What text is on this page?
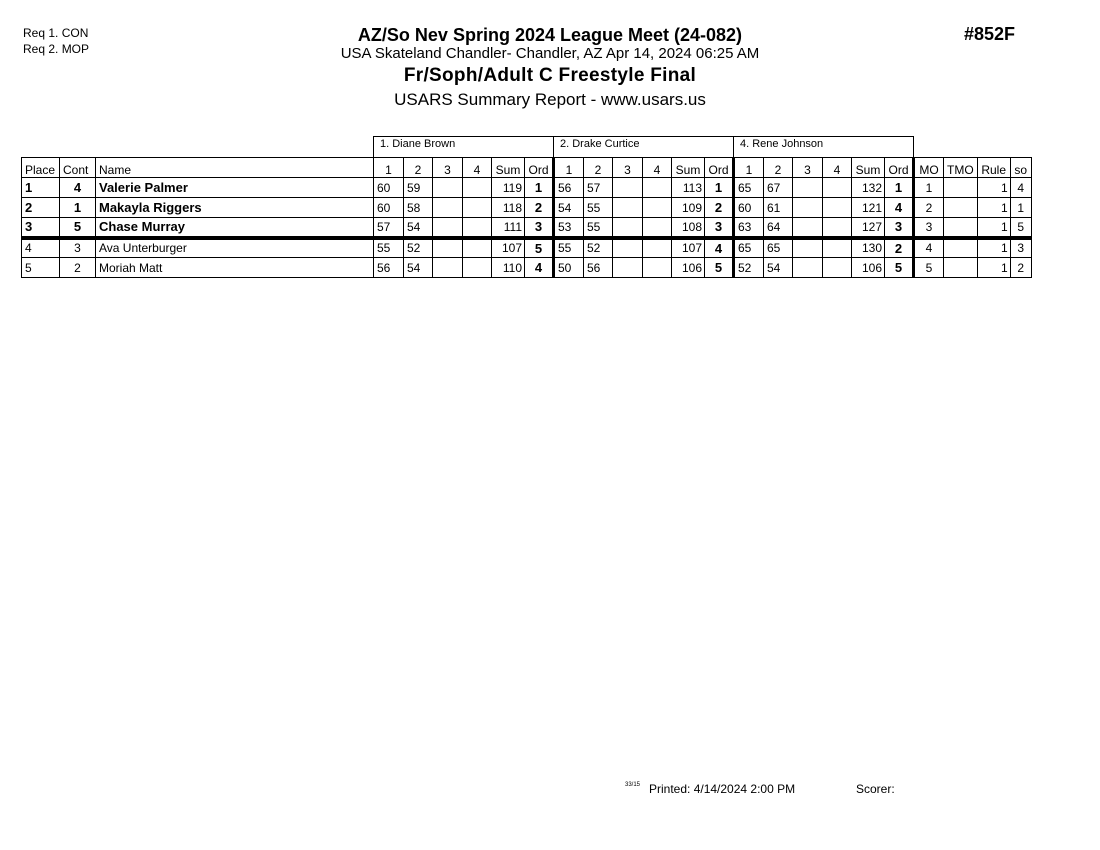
Req 1. CON
Req 2. MOP
AZ/So Nev Spring 2024 League Meet (24-082)
USA Skateland Chandler- Chandler, AZ Apr 14, 2024 06:25 AM
Fr/Soph/Adult C Freestyle Final
USARS Summary Report - www.usars.us
#852F
			1. Diane Brown						2. Drake Curtice						4. Rene Johnson									
Place	Cont	Name	1	2	3	4	Sum	Ord	1	2	3	4	Sum	Ord	1	2	3	4	Sum	Ord	MO	TMO	Rule	so
1	4	Valerie Palmer	60	59			119	1	56	57			113	1	65	67			132	1	1		1	4
2	1	Makayla Riggers	60	58			118	2	54	55			109	2	60	61			121	4	2		1	1
3	5	Chase Murray	57	54			111	3	53	55			108	3	63	64			127	3	3		1	5
4	3	Ava Unterburger	55	52			107	5	55	52			107	4	65	65			130	2	4		1	3
5	2	Moriah Matt	56	54			110	4	50	56			106	5	52	54			106	5	5		1	2
33/15 Printed: 4/14/2024 2:00 PM	Scorer:
